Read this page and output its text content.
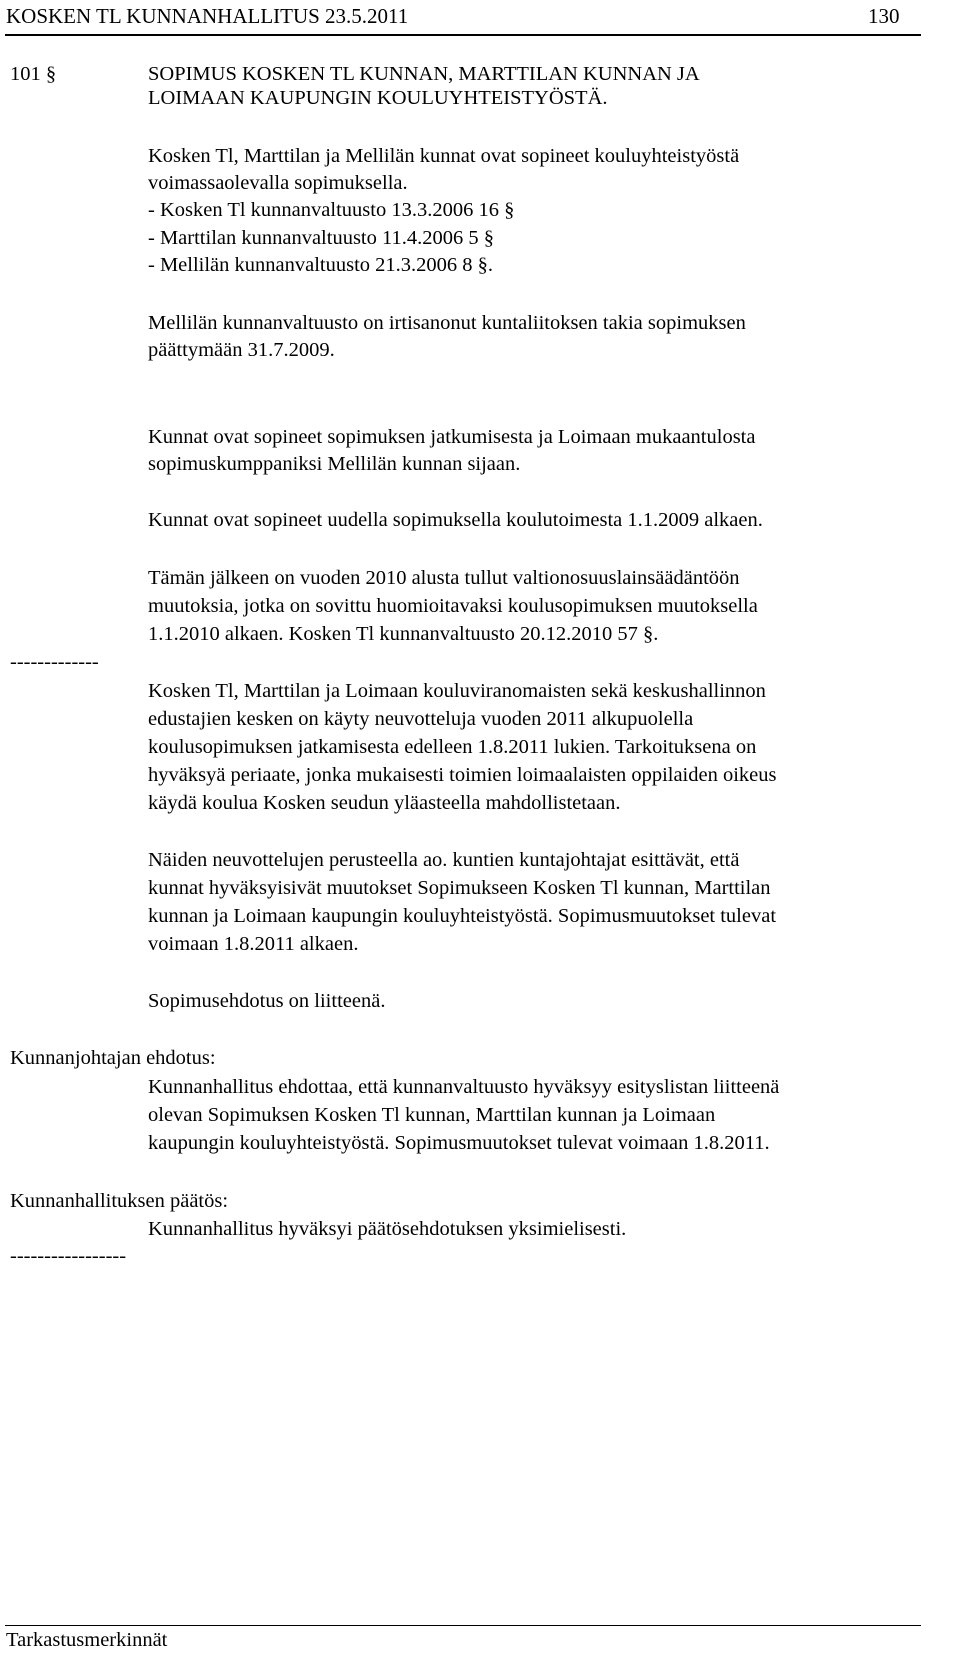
KOSKEN TL KUNNANHALLITUS 23.5.2011	130
101 §	SOPIMUS KOSKEN TL KUNNAN, MARTTILAN KUNNAN JA
LOIMAAN KAUPUNGIN KOULUYHTEISTYÖSTÄ.
Kosken Tl, Marttilan ja Mellilän kunnat ovat sopineet kouluyhteistyöstä
voimassaolevalla sopimuksella.
- Kosken Tl kunnanvaltuusto 13.3.2006 16 §
- Marttilan kunnanvaltuusto 11.4.2006 5 §
- Mellilän kunnanvaltuusto 21.3.2006 8 §.
Mellilän kunnanvaltuusto on irtisanonut kuntaliitoksen takia sopimuksen
päättymään 31.7.2009.
Kunnat ovat sopineet sopimuksen jatkumisesta ja Loimaan mukaantulosta
sopimuskumppaniksi Mellilän kunnan sijaan.
Kunnat ovat sopineet uudella sopimuksella koulutoimesta 1.1.2009 alkaen.
Tämän jälkeen on vuoden 2010 alusta tullut valtionosuuslainsäädäntöön
muutoksia, jotka on sovittu huomioitavaksi koulusopimuksen muutoksella
1.1.2010 alkaen. Kosken Tl kunnanvaltuusto 20.12.2010 57 §.
-------------
Kosken Tl, Marttilan ja Loimaan kouluviranomaisten sekä keskushallinnon
edustajien kesken on käyty neuvotteluja vuoden 2011 alkupuolella
koulusopimuksen jatkamisesta edelleen 1.8.2011 lukien. Tarkoituksena on
hyväksyä periaate, jonka mukaisesti toimien loimaalaisten oppilaiden oikeus
käydä koulua Kosken seudun yläasteella mahdollistetaan.
Näiden neuvottelujen perusteella ao. kuntien kuntajohtajat esittävät, että
kunnat hyväksyisivät muutokset Sopimukseen Kosken Tl kunnan, Marttilan
kunnan ja Loimaan kaupungin kouluyhteistyöstä. Sopimusmuutokset tulevat
voimaan 1.8.2011 alkaen.
Sopimusehdotus on liitteenä.
Kunnanjohtajan ehdotus:
Kunnanhallitus ehdottaa, että kunnanvaltuusto hyväksyy esityslistan liitteenä
olevan Sopimuksen Kosken Tl kunnan, Marttilan kunnan ja Loimaan
kaupungin kouluyhteistyöstä. Sopimusmuutokset tulevat voimaan 1.8.2011.
Kunnanhallituksen päätös:
Kunnanhallitus hyväksyi päätösehdotuksen yksimielisesti.
-----------------
Tarkastusmerkinnät
